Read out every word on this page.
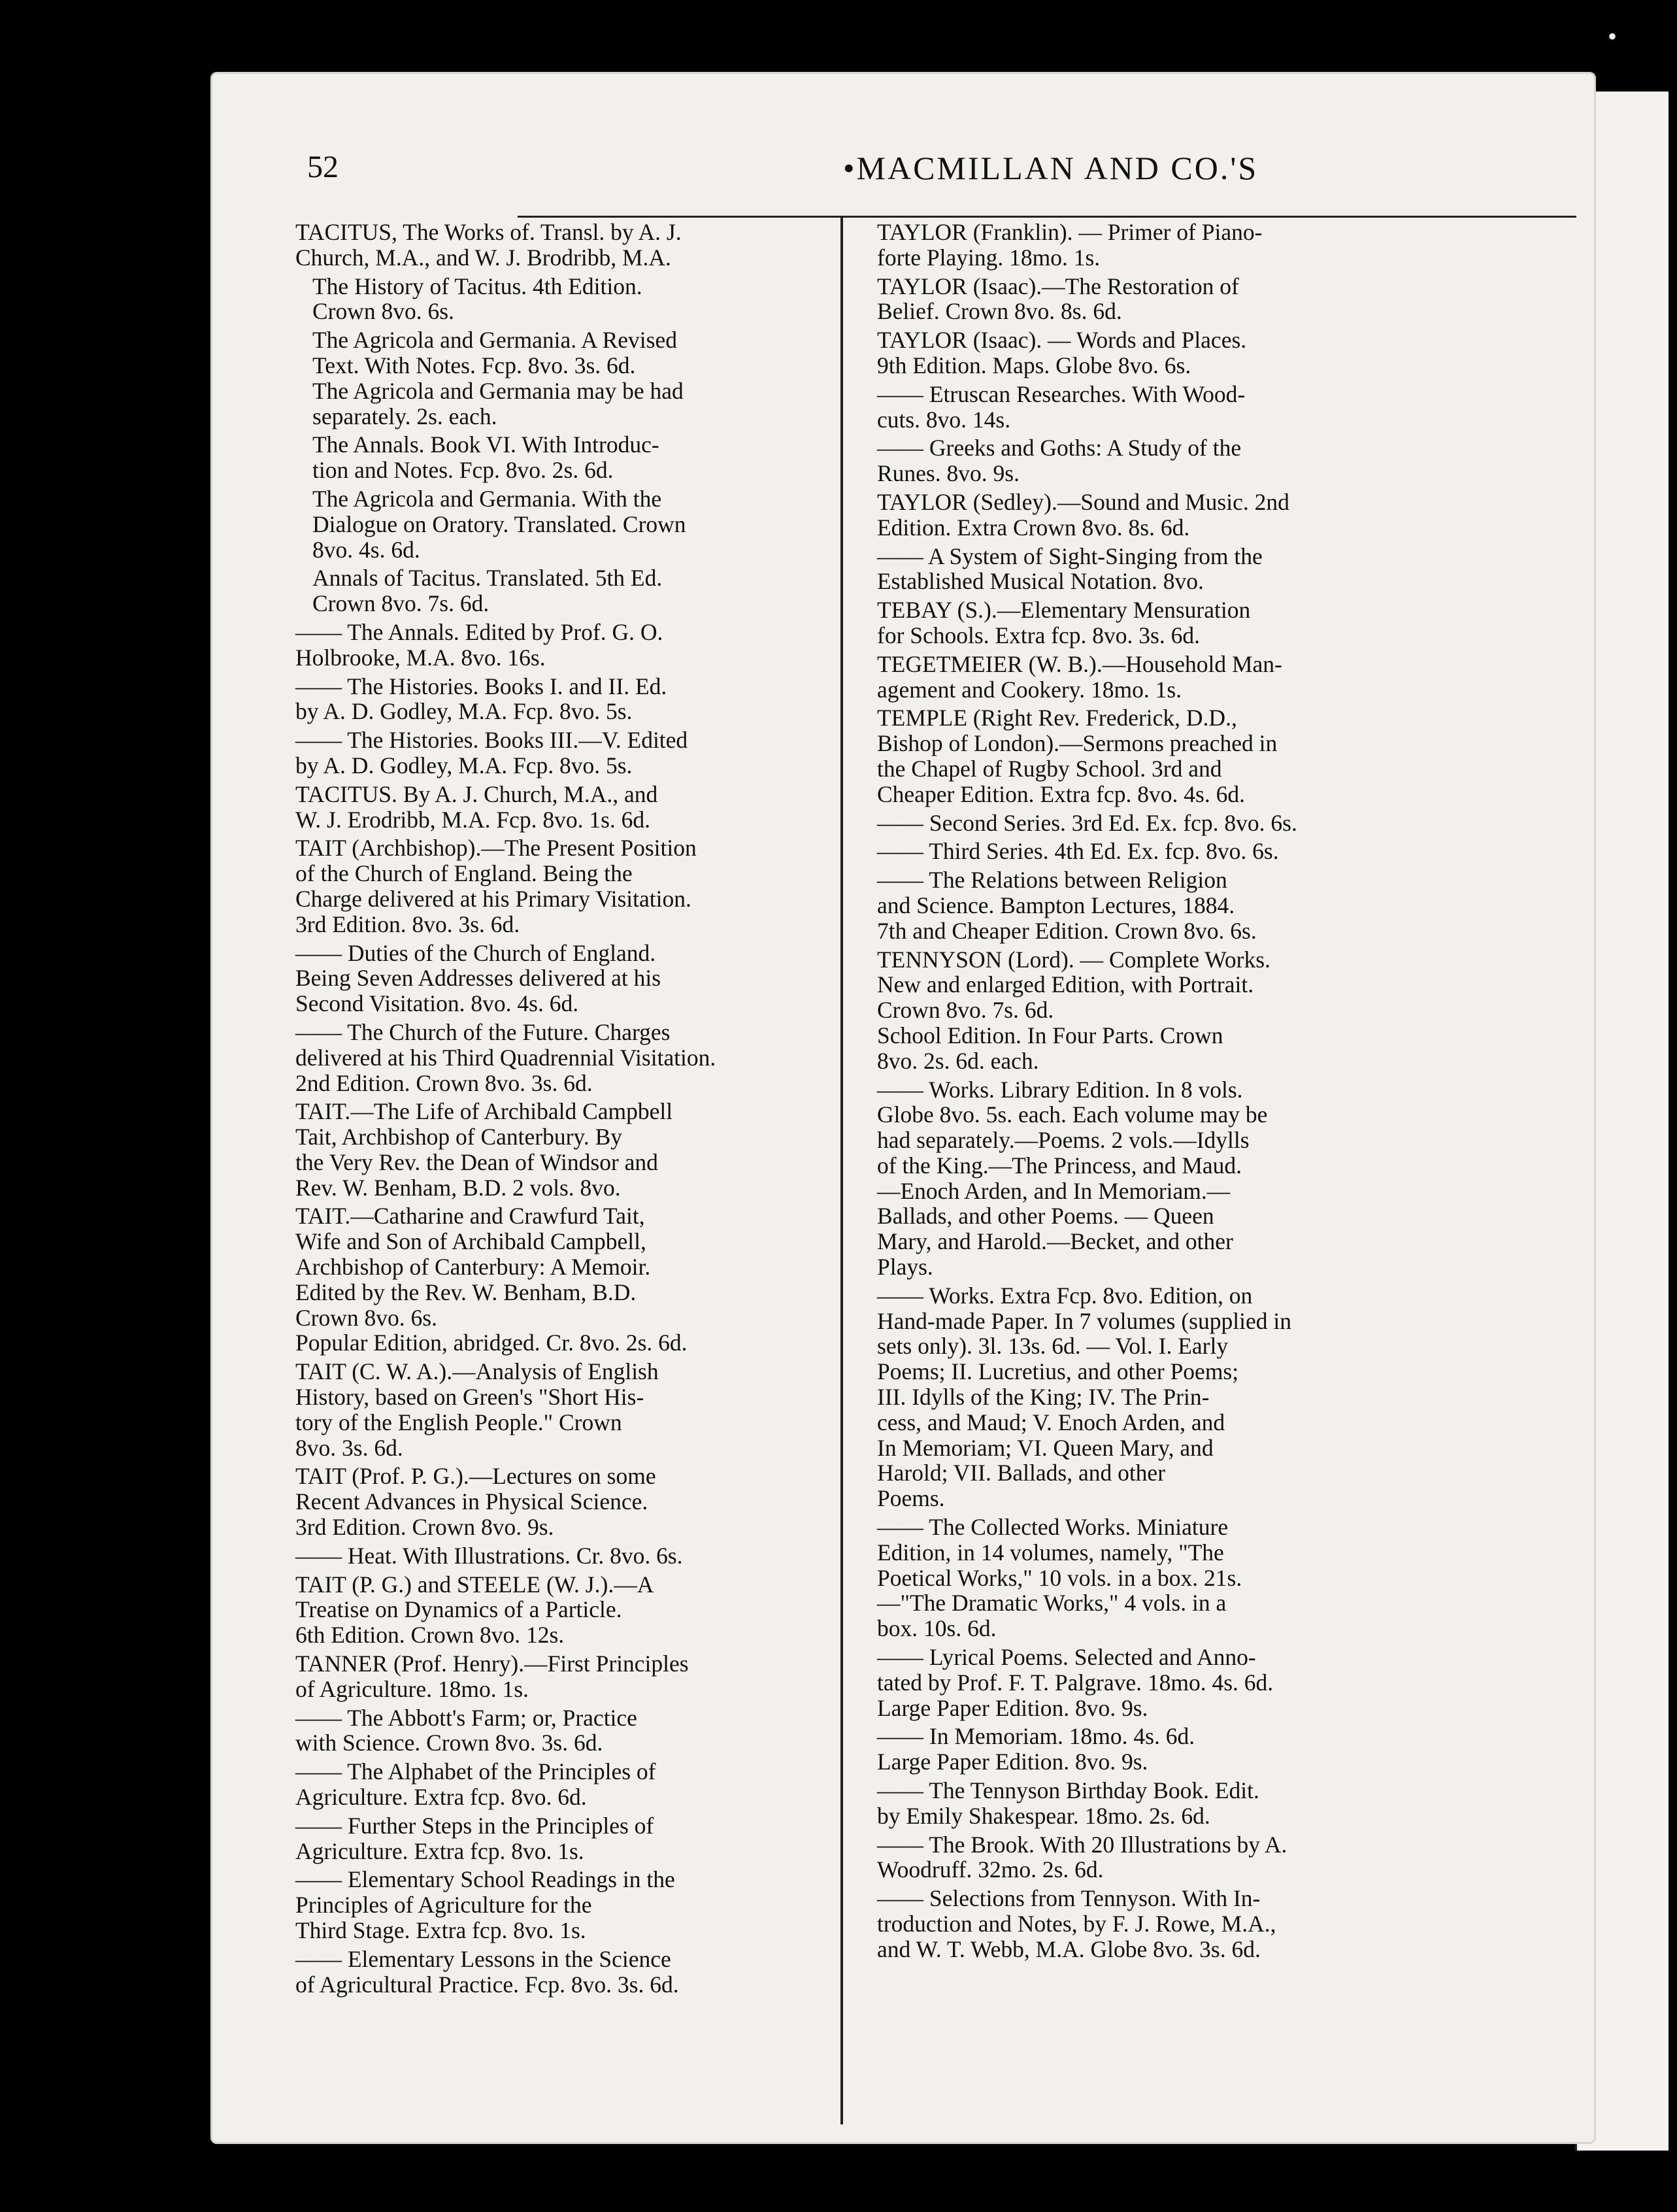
•
52	•MACMILLAN AND CO.'S
TACITUS, The Works of. Transl. by A. J.
Church, M.A., and W. J. Brodribb, M.A.
The History of Tacitus. 4th Edition.
Crown 8vo. 6s.
The Agricola and Germania. A Revised
Text. With Notes. Fcp. 8vo. 3s. 6d.
The Agricola and Germania may be had
separately. 2s. each.
The Annals. Book VI. With Introduc-
tion and Notes. Fcp. 8vo. 2s. 6d.
The Agricola and Germania. With the
Dialogue on Oratory. Translated. Crown
8vo. 4s. 6d.
Annals of Tacitus. Translated. 5th Ed.
Crown 8vo. 7s. 6d.
—— The Annals. Edited by Prof. G. O.
Holbrooke, M.A. 8vo. 16s.
—— The Histories. Books I. and II. Ed.
by A. D. Godley, M.A. Fcp. 8vo. 5s.
—— The Histories. Books III.—V. Edited
by A. D. Godley, M.A. Fcp. 8vo. 5s.
TACITUS. By A. J. Church, M.A., and
W. J. Erodribb, M.A. Fcp. 8vo. 1s. 6d.
TAIT (Archbishop).—The Present Position
of the Church of England. Being the
Charge delivered at his Primary Visitation.
3rd Edition. 8vo. 3s. 6d.
—— Duties of the Church of England.
Being Seven Addresses delivered at his
Second Visitation. 8vo. 4s. 6d.
—— The Church of the Future. Charges
delivered at his Third Quadrennial Visitation.
2nd Edition. Crown 8vo. 3s. 6d.
TAIT.—The Life of Archibald Campbell
Tait, Archbishop of Canterbury. By
the Very Rev. the Dean of Windsor and
Rev. W. Benham, B.D. 2 vols. 8vo.
TAIT.—Catharine and Crawfurd Tait,
Wife and Son of Archibald Campbell,
Archbishop of Canterbury: A Memoir.
Edited by the Rev. W. Benham, B.D.
Crown 8vo. 6s.
Popular Edition, abridged. Cr. 8vo. 2s. 6d.
TAIT (C. W. A.).—Analysis of English
History, based on Green's "Short His-
tory of the English People." Crown
8vo. 3s. 6d.
TAIT (Prof. P. G.).—Lectures on some
Recent Advances in Physical Science.
3rd Edition. Crown 8vo. 9s.
—— Heat. With Illustrations. Cr. 8vo. 6s.
TAIT (P. G.) and STEELE (W. J.).—A
Treatise on Dynamics of a Particle.
6th Edition. Crown 8vo. 12s.
TANNER (Prof. Henry).—First Principles
of Agriculture. 18mo. 1s.
—— The Abbott's Farm; or, Practice
with Science. Crown 8vo. 3s. 6d.
—— The Alphabet of the Principles of
Agriculture. Extra fcp. 8vo. 6d.
—— Further Steps in the Principles of
Agriculture. Extra fcp. 8vo. 1s.
—— Elementary School Readings in the
Principles of Agriculture for the
Third Stage. Extra fcp. 8vo. 1s.
—— Elementary Lessons in the Science
of Agricultural Practice. Fcp. 8vo. 3s. 6d.
TAYLOR (Franklin). — Primer of Piano-
forte Playing. 18mo. 1s.
TAYLOR (Isaac).—The Restoration of
Belief. Crown 8vo. 8s. 6d.
TAYLOR (Isaac). — Words and Places.
9th Edition. Maps. Globe 8vo. 6s.
—— Etruscan Researches. With Wood-
cuts. 8vo. 14s.
—— Greeks and Goths: A Study of the
Runes. 8vo. 9s.
TAYLOR (Sedley).—Sound and Music. 2nd
Edition. Extra Crown 8vo. 8s. 6d.
—— A System of Sight-Singing from the
Established Musical Notation. 8vo.
TEBAY (S.).—Elementary Mensuration
for Schools. Extra fcp. 8vo. 3s. 6d.
TEGETMEIER (W. B.).—Household Man-
agement and Cookery. 18mo. 1s.
TEMPLE (Right Rev. Frederick, D.D.,
Bishop of London).—Sermons preached in
the Chapel of Rugby School. 3rd and
Cheaper Edition. Extra fcp. 8vo. 4s. 6d.
—— Second Series. 3rd Ed. Ex. fcp. 8vo. 6s.
—— Third Series. 4th Ed. Ex. fcp. 8vo. 6s.
—— The Relations between Religion
and Science. Bampton Lectures, 1884.
7th and Cheaper Edition. Crown 8vo. 6s.
TENNYSON (Lord). — Complete Works.
New and enlarged Edition, with Portrait.
Crown 8vo. 7s. 6d.
School Edition. In Four Parts. Crown
8vo. 2s. 6d. each.
—— Works. Library Edition. In 8 vols.
Globe 8vo. 5s. each. Each volume may be
had separately.—Poems. 2 vols.—Idylls
of the King.—The Princess, and Maud.
—Enoch Arden, and In Memoriam.—
Ballads, and other Poems. — Queen
Mary, and Harold.—Becket, and other
Plays.
—— Works. Extra Fcp. 8vo. Edition, on
Hand-made Paper. In 7 volumes (supplied in
sets only). 3l. 13s. 6d. — Vol. I. Early
Poems; II. Lucretius, and other Poems;
III. Idylls of the King; IV. The Prin-
cess, and Maud; V. Enoch Arden, and
In Memoriam; VI. Queen Mary, and
Harold; VII. Ballads, and other
Poems.
—— The Collected Works. Miniature
Edition, in 14 volumes, namely, "The
Poetical Works," 10 vols. in a box. 21s.
—"The Dramatic Works," 4 vols. in a
box. 10s. 6d.
—— Lyrical Poems. Selected and Anno-
tated by Prof. F. T. Palgrave. 18mo. 4s. 6d.
Large Paper Edition. 8vo. 9s.
—— In Memoriam. 18mo. 4s. 6d.
Large Paper Edition. 8vo. 9s.
—— The Tennyson Birthday Book. Edit.
by Emily Shakespear. 18mo. 2s. 6d.
—— The Brook. With 20 Illustrations by A.
Woodruff. 32mo. 2s. 6d.
—— Selections from Tennyson. With In-
troduction and Notes, by F. J. Rowe, M.A.,
and W. T. Webb, M.A. Globe 8vo. 3s. 6d.
